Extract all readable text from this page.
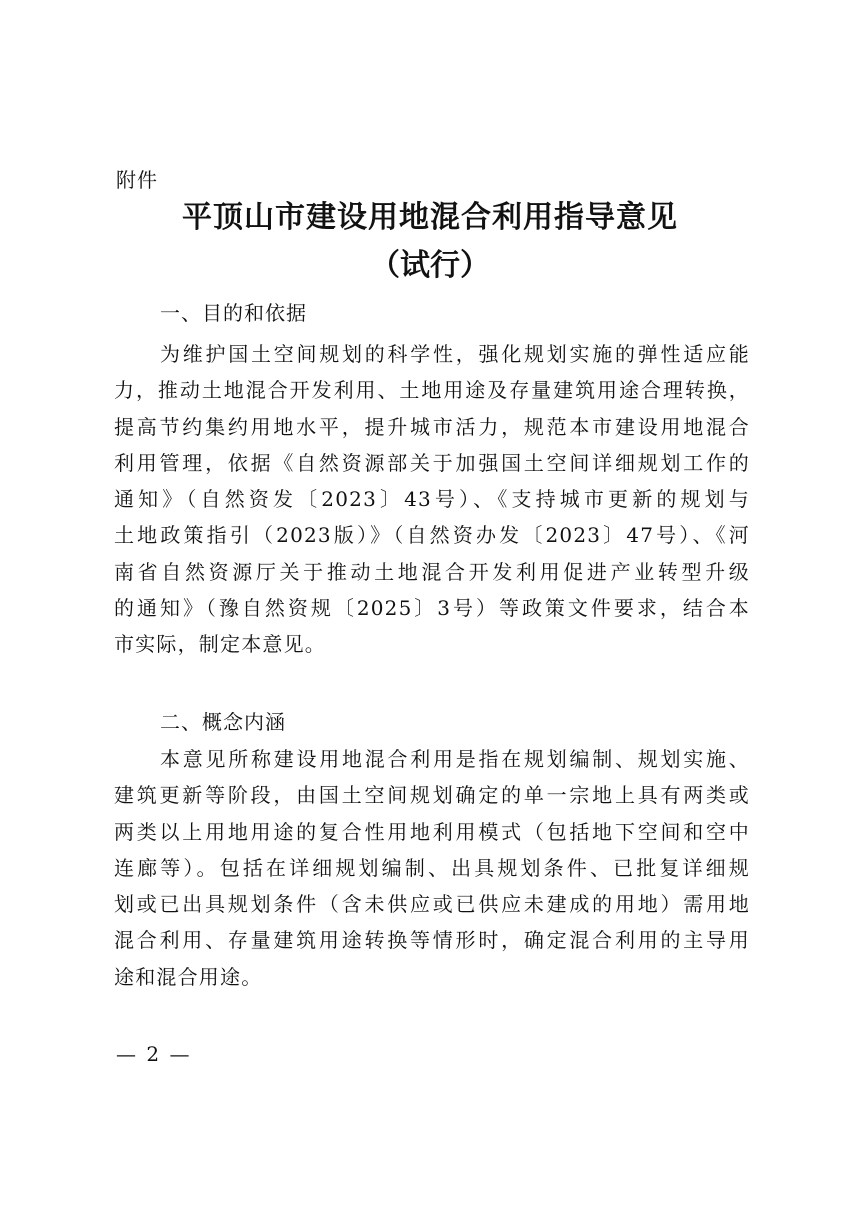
附件
平顶山市建设用地混合利用指导意见
（试行）
一、目的和依据
为维护国土空间规划的科学性，强化规划实施的弹性适应能
力，推动土地混合开发利用、土地用途及存量建筑用途合理转换，
提高节约集约用地水平，提升城市活力，规范本市建设用地混合
利用管理，依据《自然资源部关于加强国土空间详细规划工作的
通知》（自然资发〔2023〕43号）、《支持城市更新的规划与
土地政策指引（2023版）》（自然资办发〔2023〕47号）、《河
南省自然资源厅关于推动土地混合开发利用促进产业转型升级
的通知》（豫自然资规〔2025〕3号）等政策文件要求，结合本
市实际，制定本意见。
二、概念内涵
本意见所称建设用地混合利用是指在规划编制、规划实施、
建筑更新等阶段，由国土空间规划确定的单一宗地上具有两类或
两类以上用地用途的复合性用地利用模式（包括地下空间和空中
连廊等）。包括在详细规划编制、出具规划条件、已批复详细规
划或已出具规划条件（含未供应或已供应未建成的用地）需用地
混合利用、存量建筑用途转换等情形时，确定混合利用的主导用
途和混合用途。
— 2 —
